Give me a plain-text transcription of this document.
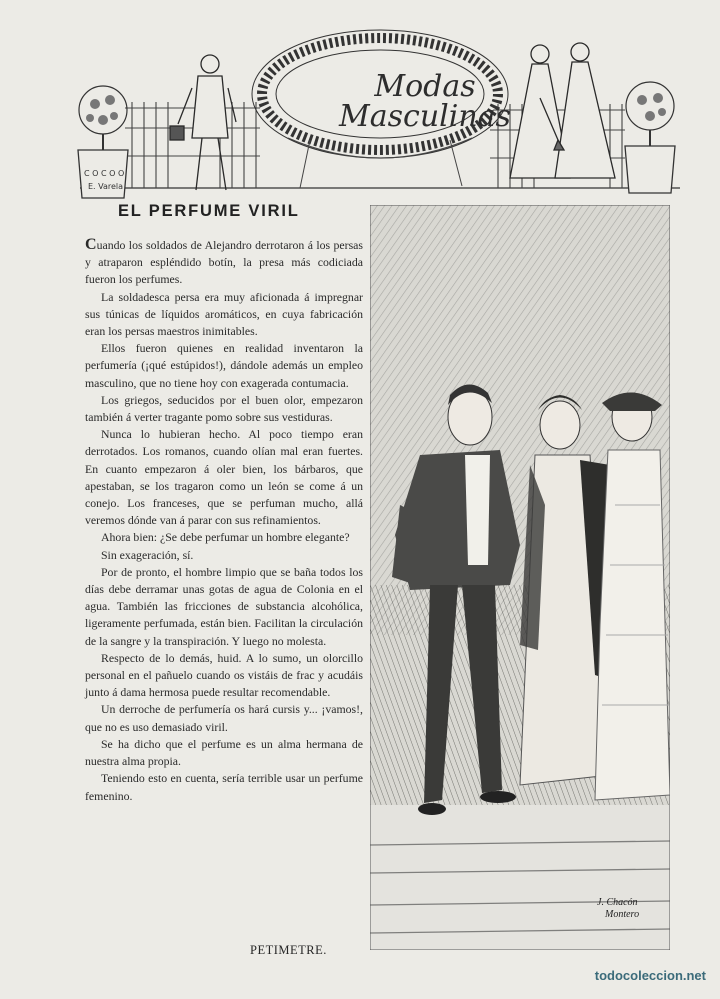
C O C O O
Modas
Masculinas
E. Varela
EL PERFUME VIRIL

Cuando los soldados de Alejandro derrotaron á los persas y atraparon espléndido botín, la presa más codiciada fueron los perfumes.

La soldadesca persa era muy aficionada á impregnar sus túnicas de líquidos aromáticos, en cuya fabricación eran los persas maestros inimitables.

Ellos fueron quienes en realidad inventaron la perfumería (¡qué estúpidos!), dándole además un empleo masculino, que no tiene hoy con exagerada contumacia.

Los griegos, seducidos por el buen olor, empezaron también á verter tragante pomo sobre sus vestiduras.

Nunca lo hubieran hecho. Al poco tiempo eran derrotados. Los romanos, cuando olían mal eran fuertes. En cuanto empezaron á oler bien, los bárbaros, que apestaban, se los tragaron como un león se come á un conejo. Los franceses, que se perfuman mucho, allá veremos dónde van á parar con sus refinamientos.

Ahora bien: ¿Se debe perfumar un hombre elegante?

Sin exageración, sí.

Por de pronto, el hombre limpio que se baña todos los días debe derramar unas gotas de agua de Colonia en el agua. También las fricciones de substancia alcohólica, ligeramente perfumada, están bien. Facilitan la circulación de la sangre y la transpiración. Y luego no molesta.

Respecto de lo demás, huid. A lo sumo, un olorcillo personal en el pañuelo cuando os vistáis de frac y acudáis junto á dama hermosa puede resultar recomendable.

Un derroche de perfumería os hará cursis y... ¡vamos!, que no es uso demasiado viril.

Se ha dicho que el perfume es un alma hermana de nuestra alma propia.

Teniendo esto en cuenta, sería terrible usar un perfume femenino.

PETIMETRE.
J. Chacón
Montero
todocoleccion.net
